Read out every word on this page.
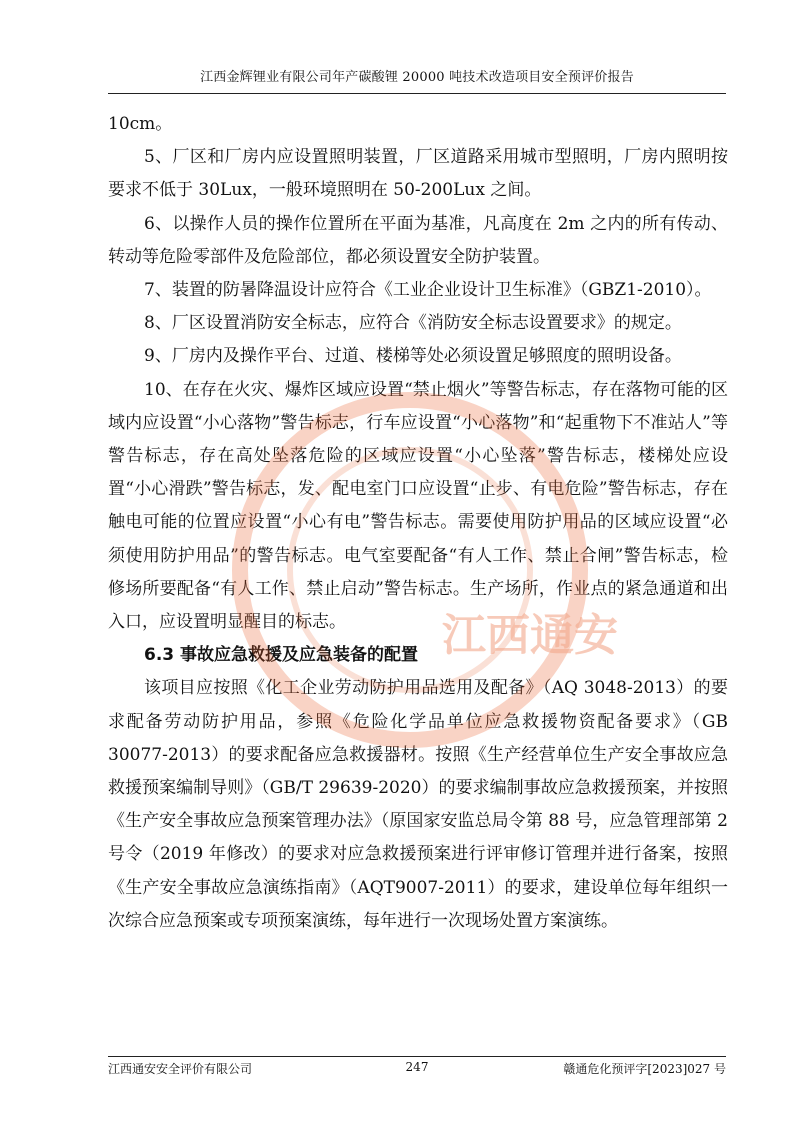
江西金辉锂业有限公司年产碳酸锂 20000 吨技术改造项目安全预评价报告

10cm。

5、厂区和厂房内应设置照明装置，厂区道路采用城市型照明，厂房内照明按要求不低于 30Lux，一般环境照明在 50-200Lux 之间。

6、以操作人员的操作位置所在平面为基准，凡高度在 2m 之内的所有传动、转动等危险零部件及危险部位，都必须设置安全防护装置。

7、装置的防暑降温设计应符合《工业企业设计卫生标准》（GBZ1-2010）。

8、厂区设置消防安全标志，应符合《消防安全标志设置要求》的规定。

9、厂房内及操作平台、过道、楼梯等处必须设置足够照度的照明设备。

10、在存在火灾、爆炸区域应设置“禁止烟火”等警告标志，存在落物可能的区域内应设置“小心落物”警告标志，行车应设置“小心落物”和“起重物下不准站人”等警告标志，存在高处坠落危险的区域应设置“小心坠落”警告标志，楼梯处应设置“小心滑跌”警告标志，发、配电室门口应设置“止步、有电危险”警告标志，存在触电可能的位置应设置“小心有电”警告标志。需要使用防护用品的区域应设置“必须使用防护用品”的警告标志。电气室要配备“有人工作、禁止合闸”警告标志，检修场所要配备“有人工作、禁止启动”警告标志。生产场所，作业点的紧急通道和出入口，应设置明显醒目的标志。

6.3 事故应急救援及应急装备的配置

该项目应按照《化工企业劳动防护用品选用及配备》（AQ 3048-2013）的要求配备劳动防护用品，参照《危险化学品单位应急救援物资配备要求》（GB 30077-2013）的要求配备应急救援器材。按照《生产经营单位生产安全事故应急救援预案编制导则》（GB/T 29639-2020）的要求编制事故应急救援预案，并按照《生产安全事故应急预案管理办法》（原国家安监总局令第 88 号，应急管理部第 2 号令（2019 年修改）的要求对应急救援预案进行评审修订管理并进行备案，按照《生产安全事故应急演练指南》（AQT9007-2011）的要求，建设单位每年组织一次综合应急预案或专项预案演练，每年进行一次现场处置方案演练。

江西通安
江西通安安全评价有限公司	247	赣通危化预评字[2023]027 号
